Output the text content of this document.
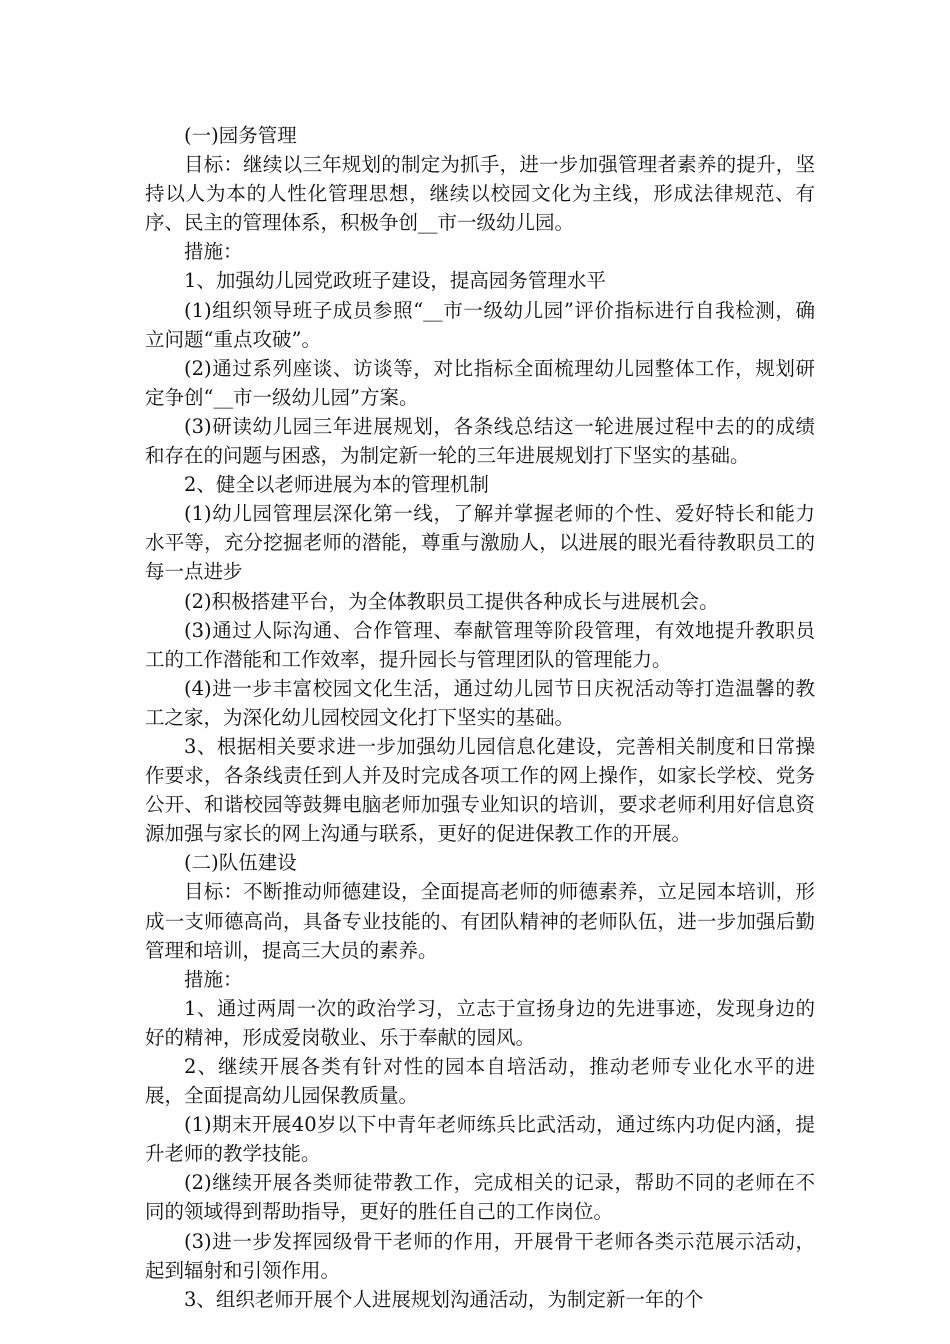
(一)园务管理

目标：继续以三年规划的制定为抓手，进一步加强管理者素养的提升，坚持以人为本的人性化管理思想，继续以校园文化为主线，形成法律规范、有序、民主的管理体系，积极争创__市一级幼儿园。

措施：

1、加强幼儿园党政班子建设，提高园务管理水平

(1)组织领导班子成员参照“__市一级幼儿园”评价指标进行自我检测，确立问题“重点攻破”。

(2)通过系列座谈、访谈等，对比指标全面梳理幼儿园整体工作，规划研定争创“__市一级幼儿园”方案。

(3)研读幼儿园三年进展规划，各条线总结这一轮进展过程中去的的成绩和存在的问题与困惑，为制定新一轮的三年进展规划打下坚实的基础。

2、健全以老师进展为本的管理机制

(1)幼儿园管理层深化第一线，了解并掌握老师的个性、爱好特长和能力水平等，充分挖掘老师的潜能，尊重与激励人，以进展的眼光看待教职员工的每一点进步

(2)积极搭建平台，为全体教职员工提供各种成长与进展机会。

(3)通过人际沟通、合作管理、奉献管理等阶段管理，有效地提升教职员工的工作潜能和工作效率，提升园长与管理团队的管理能力。

(4)进一步丰富校园文化生活，通过幼儿园节日庆祝活动等打造温馨的教工之家，为深化幼儿园校园文化打下坚实的基础。

3、根据相关要求进一步加强幼儿园信息化建设，完善相关制度和日常操作要求，各条线责任到人并及时完成各项工作的网上操作，如家长学校、党务公开、和谐校园等鼓舞电脑老师加强专业知识的培训，要求老师利用好信息资源加强与家长的网上沟通与联系，更好的促进保教工作的开展。

(二)队伍建设

目标：不断推动师德建设，全面提高老师的师德素养，立足园本培训，形成一支师德高尚，具备专业技能的、有团队精神的老师队伍，进一步加强后勤管理和培训，提高三大员的素养。

措施：

1、通过两周一次的政治学习，立志于宣扬身边的先进事迹，发现身边的好的精神，形成爱岗敬业、乐于奉献的园风。

2、继续开展各类有针对性的园本自培活动，推动老师专业化水平的进展，全面提高幼儿园保教质量。

(1)期末开展40岁以下中青年老师练兵比武活动，通过练内功促内涵，提升老师的教学技能。

(2)继续开展各类师徒带教工作，完成相关的记录，帮助不同的老师在不同的领域得到帮助指导，更好的胜任自己的工作岗位。

(3)进一步发挥园级骨干老师的作用，开展骨干老师各类示范展示活动，起到辐射和引领作用。

3、组织老师开展个人进展规划沟通活动，为制定新一年的个
